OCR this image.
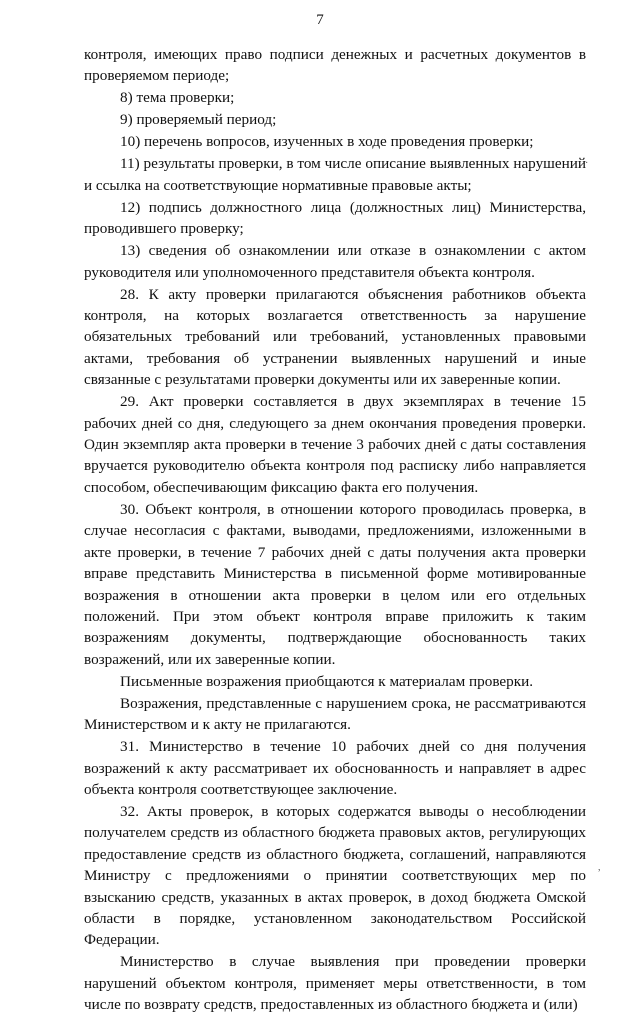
7

контроля, имеющих право подписи денежных и расчетных документов в проверяемом периоде;

8) тема проверки;

9) проверяемый период;

10) перечень вопросов, изученных в ходе проведения проверки;

11) результаты проверки, в том числе описание выявленных нарушений и ссылка на соответствующие нормативные правовые акты;

12) подпись должностного лица (должностных лиц) Министерства, проводившего проверку;

13) сведения об ознакомлении или отказе в ознакомлении с актом руководителя или уполномоченного представителя объекта контроля.

28. К акту проверки прилагаются объяснения работников объекта контроля, на которых возлагается ответственность за нарушение обязательных требований или требований, установленных правовыми актами, требования об устранении выявленных нарушений и иные связанные с результатами проверки документы или их заверенные копии.

29. Акт проверки составляется в двух экземплярах в течение 15 рабочих дней со дня, следующего за днем окончания проведения проверки. Один экземпляр акта проверки в течение 3 рабочих дней с даты составления вручается руководителю объекта контроля под расписку либо направляется способом, обеспечивающим фиксацию факта его получения.

30. Объект контроля, в отношении которого проводилась проверка, в случае несогласия с фактами, выводами, предложениями, изложенными в акте проверки, в течение 7 рабочих дней с даты получения акта проверки вправе представить Министерства в письменной форме мотивированные возражения в отношении акта проверки в целом или его отдельных положений. При этом объект контроля вправе приложить к таким возражениям документы, подтверждающие обоснованность таких возражений, или их заверенные копии.

Письменные возражения приобщаются к материалам проверки.

Возражения, представленные с нарушением срока, не рассматриваются Министерством и к акту не прилагаются.

31. Министерство в течение 10 рабочих дней со дня получения возражений к акту рассматривает их обоснованность и направляет в адрес объекта контроля соответствующее заключение.

32. Акты проверок, в которых содержатся выводы о несоблюдении получателем средств из областного бюджета правовых актов, регулирующих предоставление средств из областного бюджета, соглашений, направляются Министру с предложениями о принятии соответствующих мер по взысканию средств, указанных в актах проверок, в доход бюджета Омской области в порядке, установленном законодательством Российской Федерации.

Министерство в случае выявления при проведении проверки нарушений объектом контроля, применяет меры ответственности, в том числе по возврату средств, предоставленных из областного бюджета и (или)

·
,
